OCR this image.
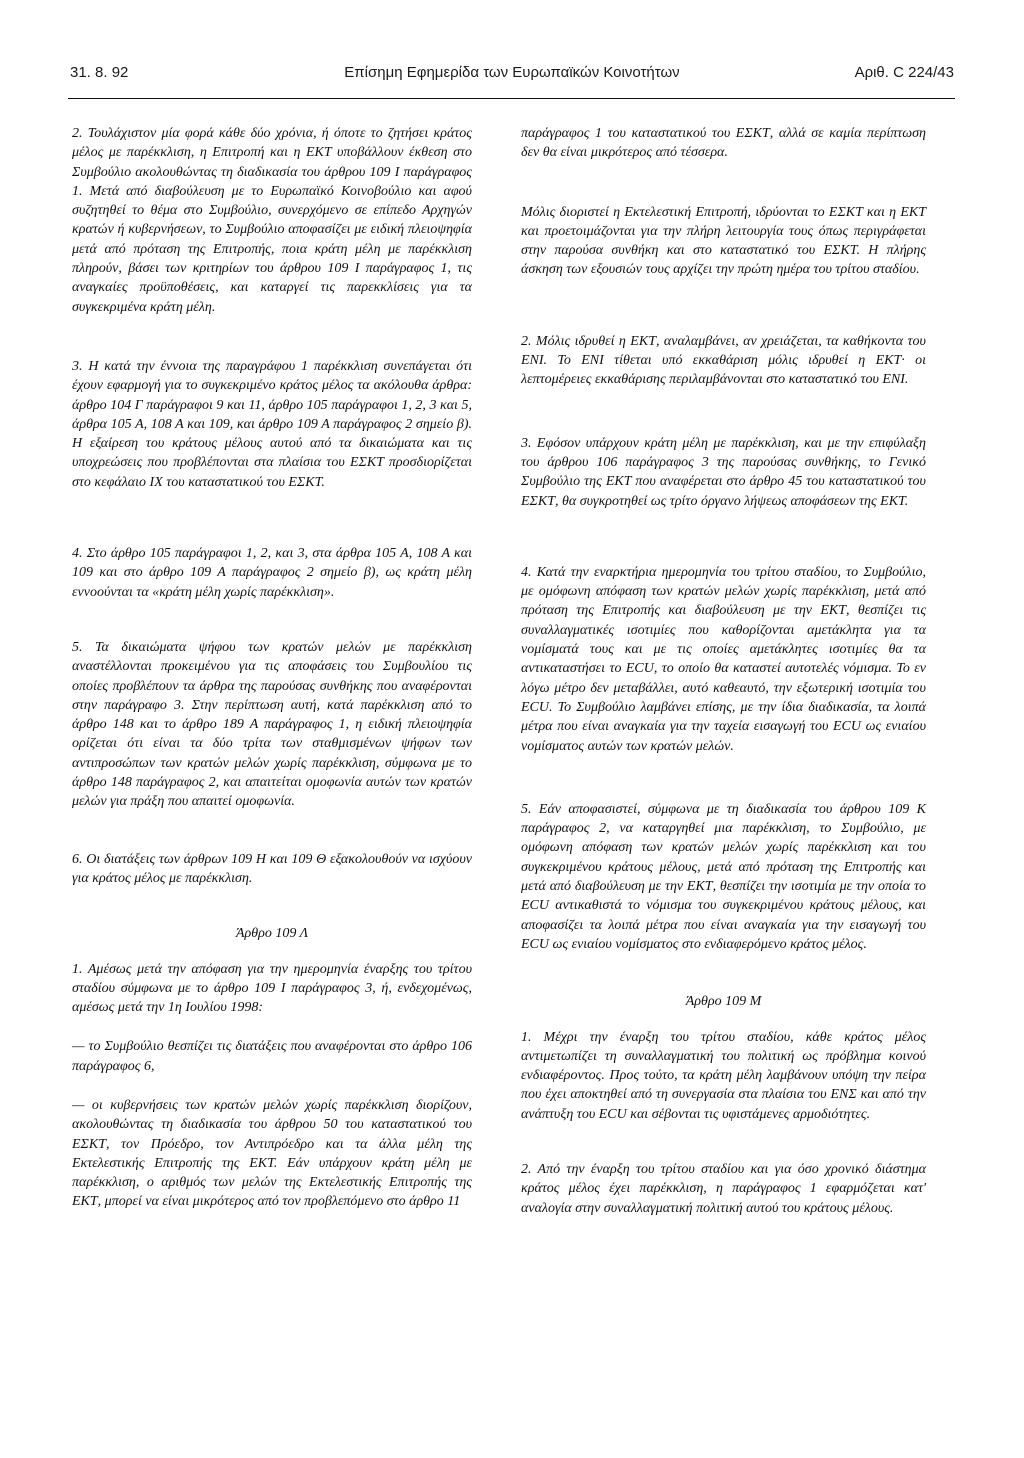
31. 8. 92	Επίσημη Εφημερίδα των Ευρωπαϊκών Κοινοτήτων	Αριθ. C 224/43

2. Τουλάχιστον μία φορά κάθε δύο χρόνια, ή όποτε το ζητήσει κράτος μέλος με παρέκκλιση, η Επιτροπή και η ΕΚΤ υποβάλλουν έκθεση στο Συμβούλιο ακολουθώντας τη διαδικασία του άρθρου 109 Ι παράγραφος 1. Μετά από διαβούλευση με το Ευρωπαϊκό Κοινοβούλιο και αφού συζητηθεί το θέμα στο Συμβούλιο, συνερχόμενο σε επίπεδο Αρχηγών κρατών ή κυβερνήσεων, το Συμβούλιο αποφασίζει με ειδική πλειοψηφία μετά από πρόταση της Επιτροπής, ποια κράτη μέλη με παρέκκλιση πληρούν, βάσει των κριτηρίων του άρθρου 109 Ι παράγραφος 1, τις αναγκαίες προϋποθέσεις, και καταργεί τις παρεκκλίσεις για τα συγκεκριμένα κράτη μέλη.

3. Η κατά την έννοια της παραγράφου 1 παρέκκλιση συνεπάγεται ότι έχουν εφαρμογή για το συγκεκριμένο κράτος μέλος τα ακόλουθα άρθρα: άρθρο 104 Γ παράγραφοι 9 και 11, άρθρο 105 παράγραφοι 1, 2, 3 και 5, άρθρα 105 Α, 108 Α και 109, και άρθρο 109 Α παράγραφος 2 σημείο β). Η εξαίρεση του κράτους μέλους αυτού από τα δικαιώματα και τις υποχρεώσεις που προβλέπονται στα πλαίσια του ΕΣΚΤ προσδιορίζεται στο κεφάλαιο ΙΧ του καταστατικού του ΕΣΚΤ.

4. Στο άρθρο 105 παράγραφοι 1, 2, και 3, στα άρθρα 105 Α, 108 Α και 109 και στο άρθρο 109 Α παράγραφος 2 σημείο β), ως κράτη μέλη εννοούνται τα «κράτη μέλη χωρίς παρέκκλιση».

5. Τα δικαιώματα ψήφου των κρατών μελών με παρέκκλιση αναστέλλονται προκειμένου για τις αποφάσεις του Συμβουλίου τις οποίες προβλέπουν τα άρθρα της παρούσας συνθήκης που αναφέρονται στην παράγραφο 3. Στην περίπτωση αυτή, κατά παρέκκλιση από το άρθρο 148 και το άρθρο 189 Α παράγραφος 1, η ειδική πλειοψηφία ορίζεται ότι είναι τα δύο τρίτα των σταθμισμένων ψήφων των αντιπροσώπων των κρατών μελών χωρίς παρέκκλιση, σύμφωνα με το άρθρο 148 παράγραφος 2, και απαιτείται ομοφωνία αυτών των κρατών μελών για πράξη που απαιτεί ομοφωνία.

6. Οι διατάξεις των άρθρων 109 Η και 109 Θ εξακολουθούν να ισχύουν για κράτος μέλος με παρέκκλιση.

Άρθρο 109 Λ

1. Αμέσως μετά την απόφαση για την ημερομηνία έναρξης του τρίτου σταδίου σύμφωνα με το άρθρο 109 Ι παράγραφος 3, ή, ενδεχομένως, αμέσως μετά την 1η Ιουλίου 1998:

— το Συμβούλιο θεσπίζει τις διατάξεις που αναφέρονται στο άρθρο 106 παράγραφος 6,

— οι κυβερνήσεις των κρατών μελών χωρίς παρέκκλιση διορίζουν, ακολουθώντας τη διαδικασία του άρθρου 50 του καταστατικού του ΕΣΚΤ, τον Πρόεδρο, τον Αντιπρόεδρο και τα άλλα μέλη της Εκτελεστικής Επιτροπής της ΕΚΤ. Εάν υπάρχουν κράτη μέλη με παρέκκλιση, ο αριθμός των μελών της Εκτελεστικής Επιτροπής της ΕΚΤ, μπορεί να είναι μικρότερος από τον προβλεπόμενο στο άρθρο 11

παράγραφος 1 του καταστατικού του ΕΣΚΤ, αλλά σε καμία περίπτωση δεν θα είναι μικρότερος από τέσσερα.

Μόλις διοριστεί η Εκτελεστική Επιτροπή, ιδρύονται το ΕΣΚΤ και η ΕΚΤ και προετοιμάζονται για την πλήρη λειτουργία τους όπως περιγράφεται στην παρούσα συνθήκη και στο καταστατικό του ΕΣΚΤ. Η πλήρης άσκηση των εξουσιών τους αρχίζει την πρώτη ημέρα του τρίτου σταδίου.

2. Μόλις ιδρυθεί η ΕΚΤ, αναλαμβάνει, αν χρειάζεται, τα καθήκοντα του ΕΝΙ. Το ΕΝΙ τίθεται υπό εκκαθάριση μόλις ιδρυθεί η ΕΚΤ· οι λεπτομέρειες εκκαθάρισης περιλαμβάνονται στο καταστατικό του ΕΝΙ.

3. Εφόσον υπάρχουν κράτη μέλη με παρέκκλιση, και με την επιφύλαξη του άρθρου 106 παράγραφος 3 της παρούσας συνθήκης, το Γενικό Συμβούλιο της ΕΚΤ που αναφέρεται στο άρθρο 45 του καταστατικού του ΕΣΚΤ, θα συγκροτηθεί ως τρίτο όργανο λήψεως αποφάσεων της ΕΚΤ.

4. Κατά την εναρκτήρια ημερομηνία του τρίτου σταδίου, το Συμβούλιο, με ομόφωνη απόφαση των κρατών μελών χωρίς παρέκκλιση, μετά από πρόταση της Επιτροπής και διαβούλευση με την ΕΚΤ, θεσπίζει τις συναλλαγματικές ισοτιμίες που καθορίζονται αμετάκλητα για τα νομίσματά τους και με τις οποίες αμετάκλητες ισοτιμίες θα τα αντικαταστήσει το ECU, το οποίο θα καταστεί αυτοτελές νόμισμα. Το εν λόγω μέτρο δεν μεταβάλλει, αυτό καθεαυτό, την εξωτερική ισοτιμία του ECU. Το Συμβούλιο λαμβάνει επίσης, με την ίδια διαδικασία, τα λοιπά μέτρα που είναι αναγκαία για την ταχεία εισαγωγή του ECU ως ενιαίου νομίσματος αυτών των κρατών μελών.

5. Εάν αποφασιστεί, σύμφωνα με τη διαδικασία του άρθρου 109 Κ παράγραφος 2, να καταργηθεί μια παρέκκλιση, το Συμβούλιο, με ομόφωνη απόφαση των κρατών μελών χωρίς παρέκκλιση και του συγκεκριμένου κράτους μέλους, μετά από πρόταση της Επιτροπής και μετά από διαβούλευση με την ΕΚΤ, θεσπίζει την ισοτιμία με την οποία το ECU αντικαθιστά το νόμισμα του συγκεκριμένου κράτους μέλους, και αποφασίζει τα λοιπά μέτρα που είναι αναγκαία για την εισαγωγή του ECU ως ενιαίου νομίσματος στο ενδιαφερόμενο κράτος μέλος.

Άρθρο 109 Μ

1. Μέχρι την έναρξη του τρίτου σταδίου, κάθε κράτος μέλος αντιμετωπίζει τη συναλλαγματική του πολιτική ως πρόβλημα κοινού ενδιαφέροντος. Προς τούτο, τα κράτη μέλη λαμβάνουν υπόψη την πείρα που έχει αποκτηθεί από τη συνεργασία στα πλαίσια του ΕΝΣ και από την ανάπτυξη του ECU και σέβονται τις υφιστάμενες αρμοδιότητες.

2. Από την έναρξη του τρίτου σταδίου και για όσο χρονικό διάστημα κράτος μέλος έχει παρέκκλιση, η παράγραφος 1 εφαρμόζεται κατ' αναλογία στην συναλλαγματική πολιτική αυτού του κράτους μέλους.
